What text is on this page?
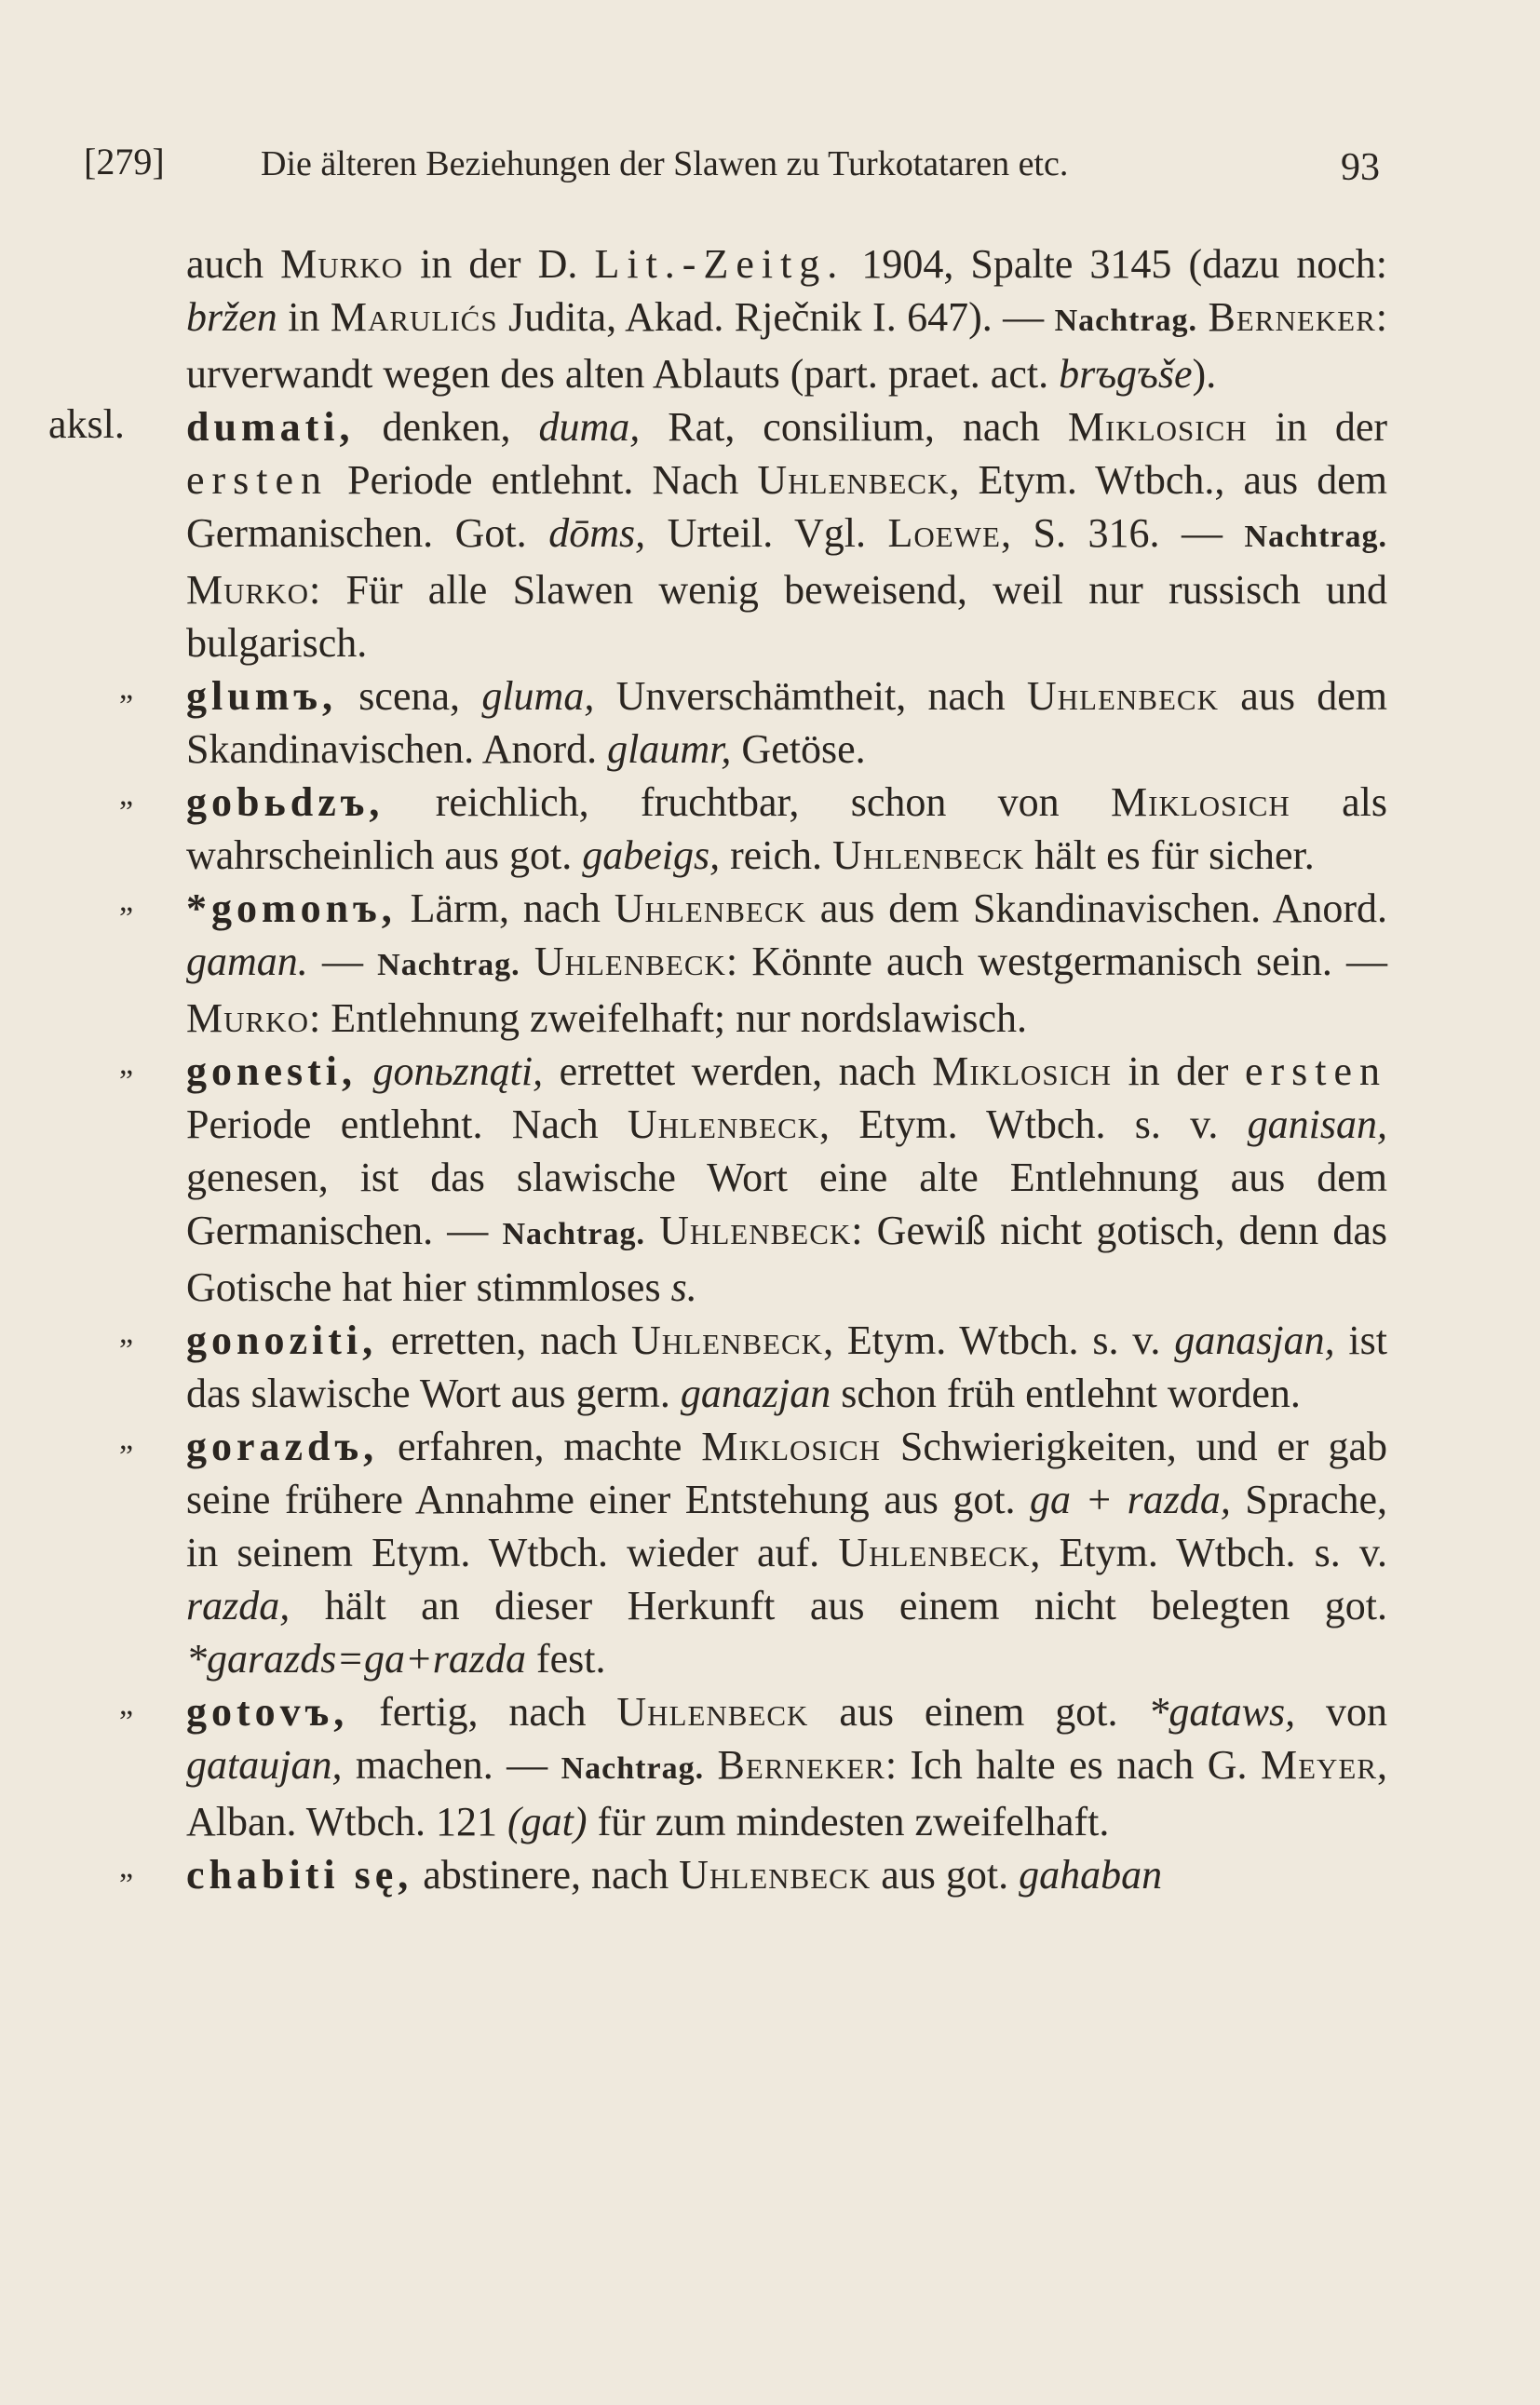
[279]	Die älteren Beziehungen der Slawen zu Turkotataren etc.	93

auch Murko in der D. Lit.-Zeitg. 1904, Spalte 3145 (dazu noch: bržen in Marulićs Judita, Akad. Rječnik I. 647). — Nachtrag. Berneker: urverwandt wegen des alten Ablauts (part. praet. act. brъgъše).

aksl. dumati, denken, duma, Rat, consilium, nach Miklosich in der ersten Periode entlehnt. Nach Uhlenbeck, Etym. Wtbch., aus dem Germanischen. Got. dōms, Urteil. Vgl. Loewe, S. 316. — Nachtrag. Murko: Für alle Slawen wenig beweisend, weil nur russisch und bulgarisch.

„ glumъ, scena, gluma, Unverschämtheit, nach Uhlenbeck aus dem Skandinavischen. Anord. glaumr, Getöse.

„ gobьdzъ, reichlich, fruchtbar, schon von Miklosich als wahrscheinlich aus got. gabeigs, reich. Uhlenbeck hält es für sicher.

„ *gomonъ, Lärm, nach Uhlenbeck aus dem Skandinavischen. Anord. gaman. — Nachtrag. Uhlenbeck: Könnte auch westgermanisch sein. — Murko: Entlehnung zweifelhaft; nur nordslawisch.

„ gonesti, gonьznąti, errettet werden, nach Miklosich in der ersten Periode entlehnt. Nach Uhlenbeck, Etym. Wtbch. s. v. ganisan, genesen, ist das slawische Wort eine alte Entlehnung aus dem Germanischen. — Nachtrag. Uhlenbeck: Gewiß nicht gotisch, denn das Gotische hat hier stimmloses s.

„ gonoziti, erretten, nach Uhlenbeck, Etym. Wtbch. s. v. ganasjan, ist das slawische Wort aus germ. ganazjan schon früh entlehnt worden.

„ gorazdъ, erfahren, machte Miklosich Schwierigkeiten, und er gab seine frühere Annahme einer Entstehung aus got. ga + razda, Sprache, in seinem Etym. Wtbch. wieder auf. Uhlenbeck, Etym. Wtbch. s. v. razda, hält an dieser Herkunft aus einem nicht belegten got. *garazds=ga+razda fest.

„ gotovъ, fertig, nach Uhlenbeck aus einem got. *gataws, von gataujan, machen. — Nachtrag. Berneker: Ich halte es nach G. Meyer, Alban. Wtbch. 121 (gat) für zum mindesten zweifelhaft.

„ chabiti sę, abstinere, nach Uhlenbeck aus got. gahaban
